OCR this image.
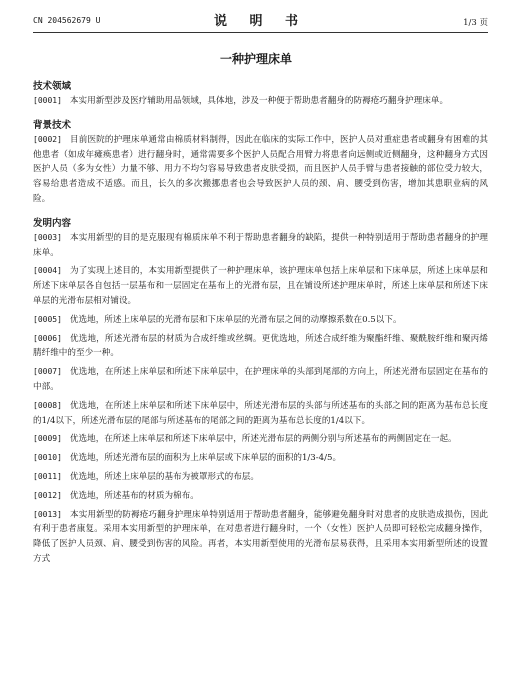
CN 204562679 U	说 明 书	1/3 页
一种护理床单
技术领域

[0001] 本实用新型涉及医疗辅助用品领域，具体地，涉及一种便于帮助患者翻身的防褥疮巧翻身护理床单。

背景技术

[0002] 目前医院的护理床单通常由棉质材料制得，因此在临床的实际工作中，医护人员对重症患者或翻身有困难的其他患者（如成年瘫痪患者）进行翻身时，通常需要多个医护人员配合用臂力将患者向远侧或近侧翻身，这种翻身方式因医护人员（多为女性）力量不够、用力不均匀容易导致患者皮肤受损，而且医护人员手臂与患者接触的部位受力较大，容易给患者造成不适感。而且，长久的多次搬挪患者也会导致医护人员的颈、肩、腰受到伤害，增加其患职业病的风险。

发明内容

[0003] 本实用新型的目的是克服现有棉质床单不利于帮助患者翻身的缺陷，提供一种特别适用于帮助患者翻身的护理床单。

[0004] 为了实现上述目的，本实用新型提供了一种护理床单，该护理床单包括上床单层和下床单层，所述上床单层和所述下床单层各自包括一层基布和一层固定在基布上的光滑布层，且在铺设所述护理床单时，所述上床单层和所述下床单层的光滑布层相对铺设。

[0005] 优选地，所述上床单层的光滑布层和下床单层的光滑布层之间的动摩擦系数在0.5以下。

[0006] 优选地，所述光滑布层的材质为合成纤维或丝绸。更优选地，所述合成纤维为聚酯纤维、聚酰胺纤维和聚丙烯腈纤维中的至少一种。

[0007] 优选地，在所述上床单层和所述下床单层中，在护理床单的头部到尾部的方向上，所述光滑布层固定在基布的中部。

[0008] 优选地，在所述上床单层和所述下床单层中，所述光滑布层的头部与所述基布的头部之间的距离为基布总长度的1/4以下，所述光滑布层的尾部与所述基布的尾部之间的距离为基布总长度的1/4以下。

[0009] 优选地，在所述上床单层和所述下床单层中，所述光滑布层的两侧分别与所述基布的两侧固定在一起。

[0010] 优选地，所述光滑布层的面积为上床单层或下床单层的面积的1/3-4/5。

[0011] 优选地，所述上床单层的基布为被罩形式的布层。

[0012] 优选地，所述基布的材质为棉布。

[0013] 本实用新型的防褥疮巧翻身护理床单特别适用于帮助患者翻身，能够避免翻身时对患者的皮肤造成损伤，因此有利于患者康复。采用本实用新型的护理床单，在对患者进行翻身时，一个（女性）医护人员即可轻松完成翻身操作，降低了医护人员颈、肩、腰受到伤害的风险。再者，本实用新型使用的光滑布层易获得，且采用本实用新型所述的设置方式
